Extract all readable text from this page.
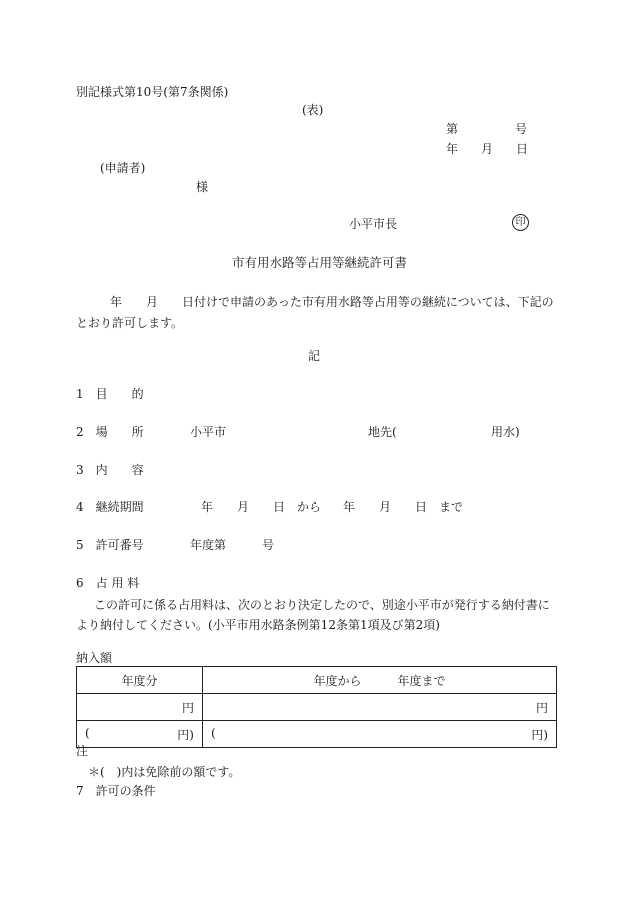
別記様式第10号(第7条関係)
(表)
第	号
年 月 日
(申請者)
様
小平市長	印
市有用水路等占用等継続許可書
年　　月　　日付けで申請のあった市有用水路等占用等の継続については、下記のとおり許可します。
記
1　目　　的
2　場　　所	小平市	地先(	用水)
3　内　　容
4　継続期間	年　　月　　日　から 年　　月　　日　まで
5　許可番号	年度第　　　号
6　占 用 料
この許可に係る占用料は、次のとおり決定したので、別途小平市が発行する納付書により納付してください。(小平市用水路条例第12条第1項及び第2項)
納入額
年度分	年度から　　　年度まで
円	円

( 円)	( 円)
注
＊(　)内は免除前の額です。
7　許可の条件
